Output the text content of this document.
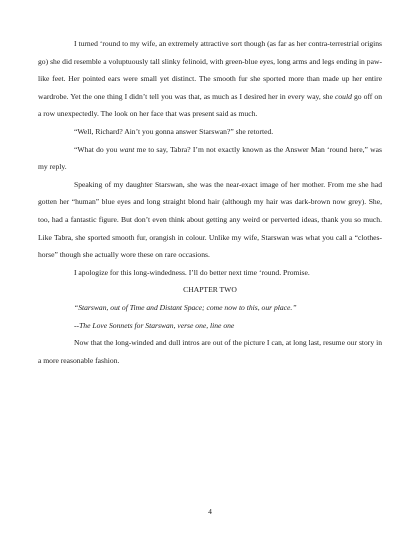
I turned ‘round to my wife, an extremely attractive sort though (as far as her contra-terrestrial origins go) she did resemble a voluptuously tall slinky felinoid, with green-blue eyes, long arms and legs ending in paw-like feet. Her pointed ears were small yet distinct. The smooth fur she sported more than made up her entire wardrobe. Yet the one thing I didn’t tell you was that, as much as I desired her in every way, she could go off on a row unexpectedly. The look on her face that was present said as much.

“Well, Richard? Ain’t you gonna answer Starswan?” she retorted.

“What do you want me to say, Tabra? I’m not exactly known as the Answer Man ‘round here,” was my reply.

Speaking of my daughter Starswan, she was the near-exact image of her mother. From me she had gotten her “human” blue eyes and long straight blond hair (although my hair was dark-brown now grey). She, too, had a fantastic figure. But don’t even think about getting any weird or perverted ideas, thank you so much. Like Tabra, she sported smooth fur, orangish in colour. Unlike my wife, Starswan was what you call a “clothes-horse” though she actually wore these on rare occasions.

I apologize for this long-windedness. I’ll do better next time ‘round. Promise.

CHAPTER TWO

“Starswan, out of Time and Distant Space; come now to this, our place.”

--The Love Sonnets for Starswan, verse one, line one

Now that the long-winded and dull intros are out of the picture I can, at long last, resume our story in a more reasonable fashion.

4
